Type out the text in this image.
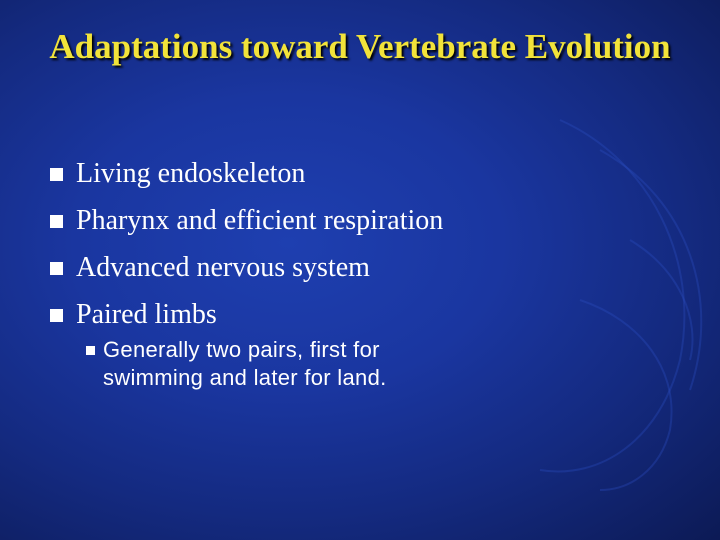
Adaptations toward Vertebrate Evolution
Living endoskeleton
Pharynx and efficient respiration
Advanced nervous system
Paired limbs
Generally two pairs, first for swimming and later for land.
